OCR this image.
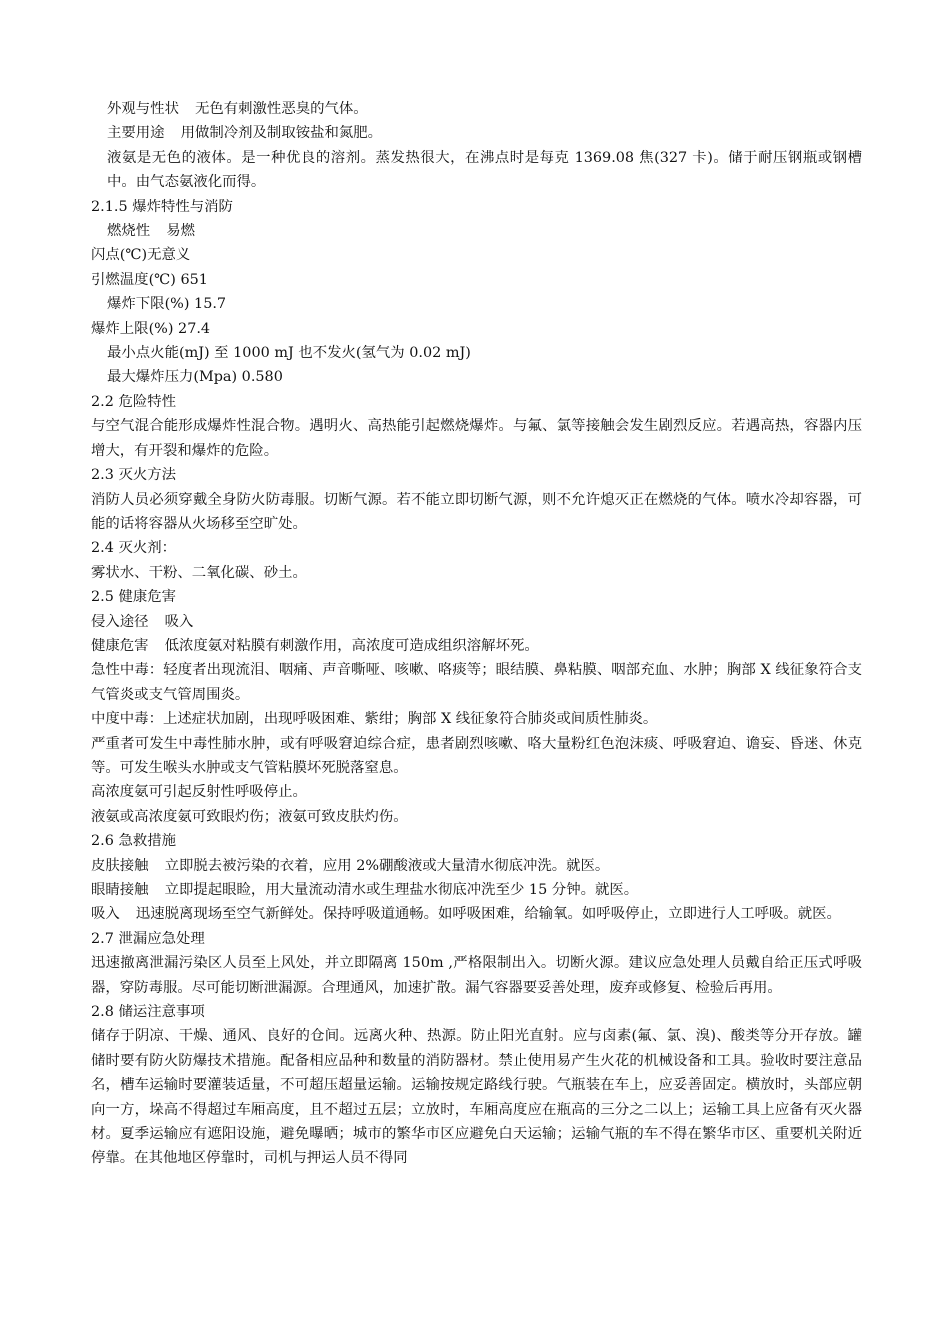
外观与性状 无色有刺激性恶臭的气体。
主要用途 用做制冷剂及制取铵盐和氮肥。
液氨是无色的液体。是一种优良的溶剂。蒸发热很大，在沸点时是每克 1369.08 焦(327 卡)。储于耐压钢瓶或钢槽中。由气态氨液化而得。
2.1.5 爆炸特性与消防
燃烧性 易燃
闪点(℃)无意义
引燃温度(℃) 651
爆炸下限(%) 15.7
爆炸上限(%) 27.4
最小点火能(mJ) 至 1000 mJ 也不发火(氢气为 0.02 mJ)
最大爆炸压力(Mpa) 0.580
2.2 危险特性
与空气混合能形成爆炸性混合物。遇明火、高热能引起燃烧爆炸。与氟、氯等接触会发生剧烈反应。若遇高热，容器内压增大，有开裂和爆炸的危险。
2.3 灭火方法
消防人员必须穿戴全身防火防毒服。切断气源。若不能立即切断气源，则不允许熄灭正在燃烧的气体。喷水冷却容器，可能的话将容器从火场移至空旷处。
2.4 灭火剂：
雾状水、干粉、二氧化碳、砂土。
2.5 健康危害
侵入途径 吸入
健康危害 低浓度氨对粘膜有刺激作用，高浓度可造成组织溶解坏死。
急性中毒：轻度者出现流泪、咽痛、声音嘶哑、咳嗽、咯痰等；眼结膜、鼻粘膜、咽部充血、水肿；胸部 X 线征象符合支气管炎或支气管周围炎。
中度中毒：上述症状加剧，出现呼吸困难、紫绀；胸部 X 线征象符合肺炎或间质性肺炎。
严重者可发生中毒性肺水肿，或有呼吸窘迫综合症，患者剧烈咳嗽、咯大量粉红色泡沫痰、呼吸窘迫、谵妄、昏迷、休克等。可发生喉头水肿或支气管粘膜坏死脱落窒息。
高浓度氨可引起反射性呼吸停止。
液氨或高浓度氨可致眼灼伤；液氨可致皮肤灼伤。
2.6 急救措施
皮肤接触 立即脱去被污染的衣着，应用 2%硼酸液或大量清水彻底冲洗。就医。
眼睛接触 立即提起眼睑，用大量流动清水或生理盐水彻底冲洗至少 15 分钟。就医。
吸入 迅速脱离现场至空气新鲜处。保持呼吸道通畅。如呼吸困难，给输氧。如呼吸停止，立即进行人工呼吸。就医。
2.7 泄漏应急处理
迅速撤离泄漏污染区人员至上风处，并立即隔离 150m ,严格限制出入。切断火源。建议应急处理人员戴自给正压式呼吸器，穿防毒服。尽可能切断泄漏源。合理通风，加速扩散。漏气容器要妥善处理，废弃或修复、检验后再用。
2.8 储运注意事项
储存于阴凉、干燥、通风、良好的仓间。远离火种、热源。防止阳光直射。应与卤素(氟、氯、溴)、酸类等分开存放。罐储时要有防火防爆技术措施。配备相应品种和数量的消防器材。禁止使用易产生火花的机械设备和工具。验收时要注意品名，槽车运输时要灌装适量，不可超压超量运输。运输按规定路线行驶。气瓶装在车上，应妥善固定。横放时，头部应朝向一方，垛高不得超过车厢高度，且不超过五层；立放时，车厢高度应在瓶高的三分之二以上；运输工具上应备有灭火器材。夏季运输应有遮阳设施，避免曝晒；城市的繁华市区应避免白天运输；运输气瓶的车不得在繁华市区、重要机关附近停靠。在其他地区停靠时，司机与押运人员不得同
